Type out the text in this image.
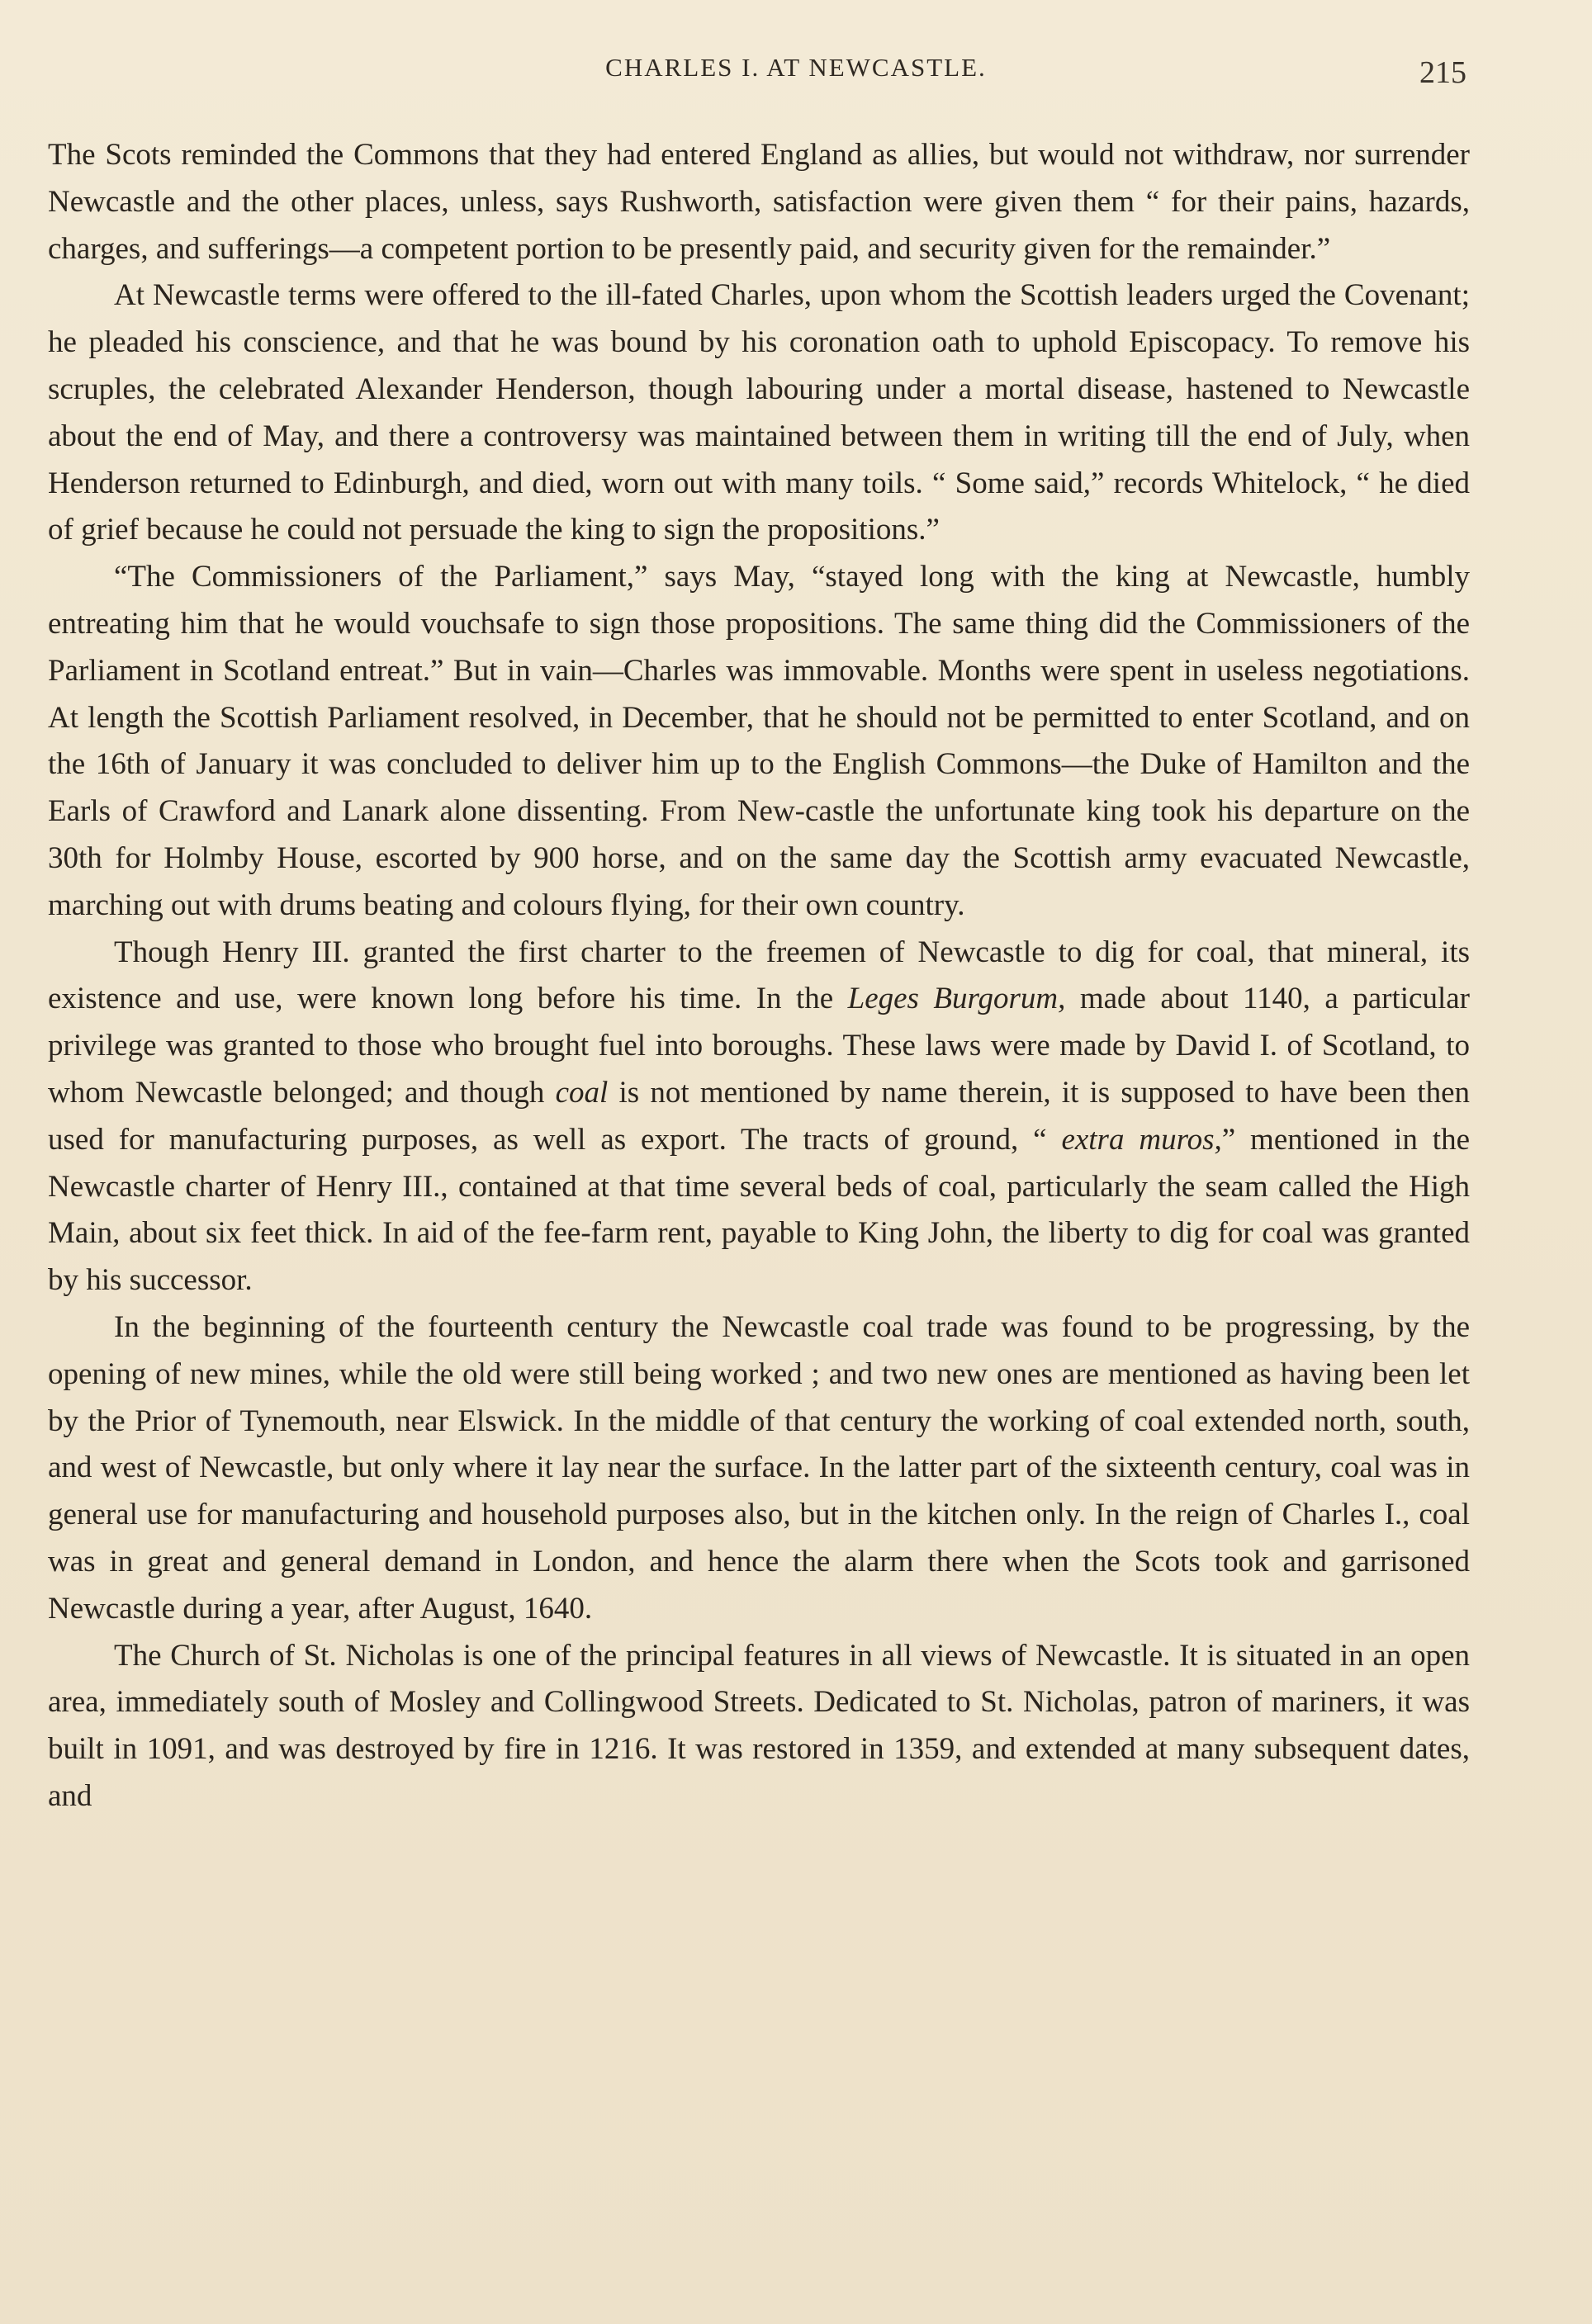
CHARLES I. AT NEWCASTLE.	215

The Scots reminded the Commons that they had entered England as allies, but would not withdraw, nor surrender Newcastle and the other places, unless, says Rushworth, satisfaction were given them “ for their pains, hazards, charges, and sufferings—a competent portion to be presently paid, and security given for the remainder.”

At Newcastle terms were offered to the ill-fated Charles, upon whom the Scottish leaders urged the Covenant; he pleaded his conscience, and that he was bound by his coronation oath to uphold Episcopacy. To remove his scruples, the celebrated Alexander Henderson, though labouring under a mortal disease, hastened to Newcastle about the end of May, and there a controversy was maintained between them in writing till the end of July, when Henderson returned to Edinburgh, and died, worn out with many toils. “ Some said,” records Whitelock, “ he died of grief because he could not persuade the king to sign the propositions.”

“The Commissioners of the Parliament,” says May, “stayed long with the king at Newcastle, humbly entreating him that he would vouchsafe to sign those propositions. The same thing did the Commissioners of the Parliament in Scotland entreat.” But in vain—Charles was immovable. Months were spent in useless negotiations. At length the Scottish Parliament resolved, in December, that he should not be permitted to enter Scotland, and on the 16th of January it was concluded to deliver him up to the English Commons—the Duke of Hamilton and the Earls of Crawford and Lanark alone dissenting. From New-castle the unfortunate king took his departure on the 30th for Holmby House, escorted by 900 horse, and on the same day the Scottish army evacuated Newcastle, marching out with drums beating and colours flying, for their own country.

Though Henry III. granted the first charter to the freemen of Newcastle to dig for coal, that mineral, its existence and use, were known long before his time. In the Leges Burgorum, made about 1140, a particular privilege was granted to those who brought fuel into boroughs. These laws were made by David I. of Scotland, to whom Newcastle belonged; and though coal is not mentioned by name therein, it is supposed to have been then used for manufacturing purposes, as well as export. The tracts of ground, “ extra muros,” mentioned in the Newcastle charter of Henry III., contained at that time several beds of coal, particularly the seam called the High Main, about six feet thick. In aid of the fee-farm rent, payable to King John, the liberty to dig for coal was granted by his successor.

In the beginning of the fourteenth century the Newcastle coal trade was found to be progressing, by the opening of new mines, while the old were still being worked ; and two new ones are mentioned as having been let by the Prior of Tynemouth, near Elswick. In the middle of that century the working of coal extended north, south, and west of Newcastle, but only where it lay near the surface. In the latter part of the sixteenth century, coal was in general use for manufacturing and household purposes also, but in the kitchen only. In the reign of Charles I., coal was in great and general demand in London, and hence the alarm there when the Scots took and garrisoned Newcastle during a year, after August, 1640.

The Church of St. Nicholas is one of the principal features in all views of Newcastle. It is situated in an open area, immediately south of Mosley and Collingwood Streets. Dedicated to St. Nicholas, patron of mariners, it was built in 1091, and was destroyed by fire in 1216. It was restored in 1359, and extended at many subsequent dates, and
